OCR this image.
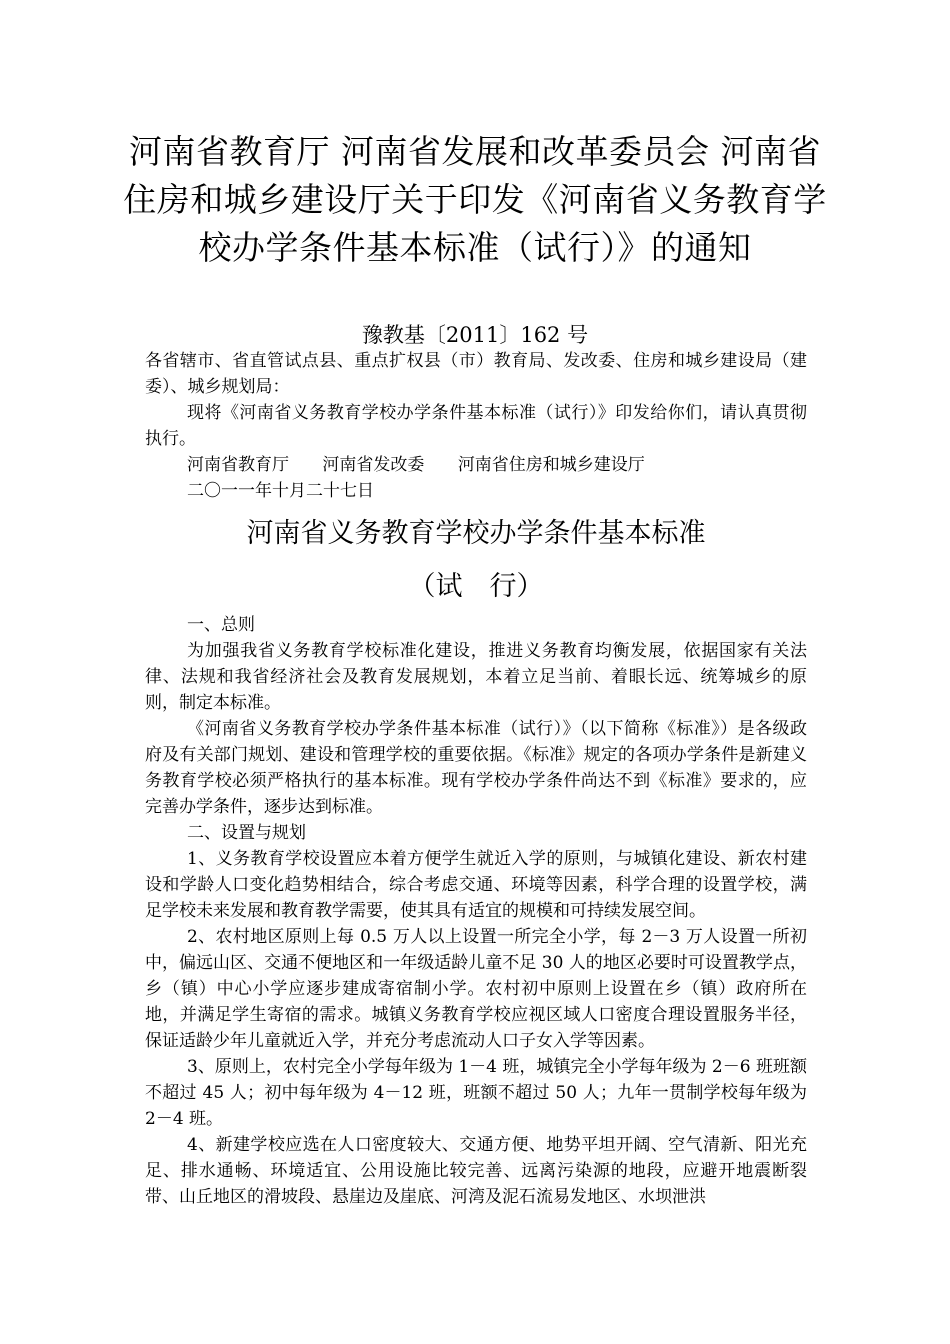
河南省教育厅 河南省发展和改革委员会 河南省住房和城乡建设厅关于印发《河南省义务教育学校办学条件基本标准（试行）》的通知
豫教基〔2011〕162 号

各省辖市、省直管试点县、重点扩权县（市）教育局、发改委、住房和城乡建设局（建委）、城乡规划局：

现将《河南省义务教育学校办学条件基本标准（试行）》印发给你们，请认真贯彻执行。

河南省教育厅 河南省发改委 河南省住房和城乡建设厅

二〇一一年十月二十七日

河南省义务教育学校办学条件基本标准

（试　行）

一、总则

为加强我省义务教育学校标准化建设，推进义务教育均衡发展，依据国家有关法律、法规和我省经济社会及教育发展规划，本着立足当前、着眼长远、统筹城乡的原则，制定本标准。

《河南省义务教育学校办学条件基本标准（试行）》（以下简称《标准》）是各级政府及有关部门规划、建设和管理学校的重要依据。《标准》规定的各项办学条件是新建义务教育学校必须严格执行的基本标准。现有学校办学条件尚达不到《标准》要求的，应完善办学条件，逐步达到标准。

二、设置与规划

1、义务教育学校设置应本着方便学生就近入学的原则，与城镇化建设、新农村建设和学龄人口变化趋势相结合，综合考虑交通、环境等因素，科学合理的设置学校，满足学校未来发展和教育教学需要，使其具有适宜的规模和可持续发展空间。

2、农村地区原则上每 0.5 万人以上设置一所完全小学，每 2－3 万人设置一所初中，偏远山区、交通不便地区和一年级适龄儿童不足 30 人的地区必要时可设置教学点，乡（镇）中心小学应逐步建成寄宿制小学。农村初中原则上设置在乡（镇）政府所在地，并满足学生寄宿的需求。城镇义务教育学校应视区域人口密度合理设置服务半径，保证适龄少年儿童就近入学，并充分考虑流动人口子女入学等因素。

3、原则上，农村完全小学每年级为 1－4 班，城镇完全小学每年级为 2－6 班班额不超过 45 人；初中每年级为 4－12 班，班额不超过 50 人；九年一贯制学校每年级为 2－4 班。

4、新建学校应选在人口密度较大、交通方便、地势平坦开阔、空气清新、阳光充足、排水通畅、环境适宜、公用设施比较完善、远离污染源的地段，应避开地震断裂带、山丘地区的滑坡段、悬崖边及崖底、河湾及泥石流易发地区、水坝泄洪
